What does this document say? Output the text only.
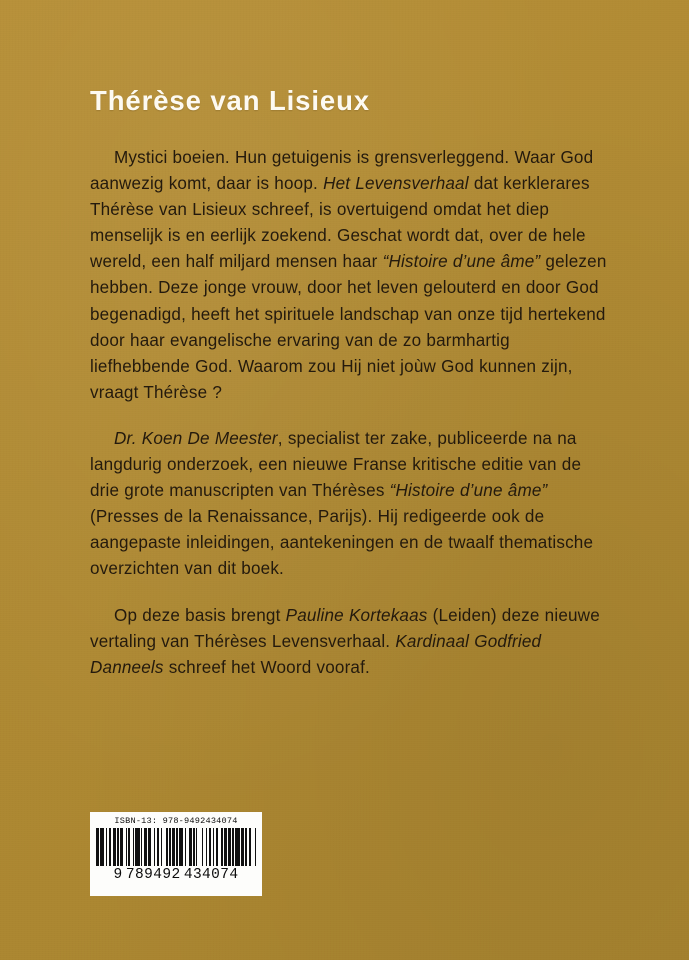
Thérèse van Lisieux

Mystici boeien. Hun getuigenis is grensverleggend. Waar God aanwezig komt, daar is hoop. Het Levensverhaal dat kerklerares Thérèse van Lisieux schreef, is overtuigend omdat het diep menselijk is en eerlijk zoekend. Geschat wordt dat, over de hele wereld, een half miljard mensen haar “Histoire d’une âme” gelezen hebben. Deze jonge vrouw, door het leven gelouterd en door God begenadigd, heeft het spirituele landschap van onze tijd hertekend door haar evangelische ervaring van de zo barmhartig liefhebbende God. Waarom zou Hij niet joùw God kunnen zijn, vraagt Thérèse ?

Dr. Koen De Meester, specialist ter zake, publiceerde na na langdurig onderzoek, een nieuwe Franse kritische editie van de drie grote manuscripten van Thérèses “Histoire d’une âme” (Presses de la Renaissance, Parijs). Hij redigeerde ook de aangepaste inleidingen, aantekeningen en de twaalf thematische overzichten van dit boek.

Op deze basis brengt Pauline Kortekaas (Leiden) deze nieuwe vertaling van Thérèses Levensverhaal. Kardinaal Godfried Danneels schreef het Woord vooraf.

ISBN-13: 978-9492434074
9 789492 434074
